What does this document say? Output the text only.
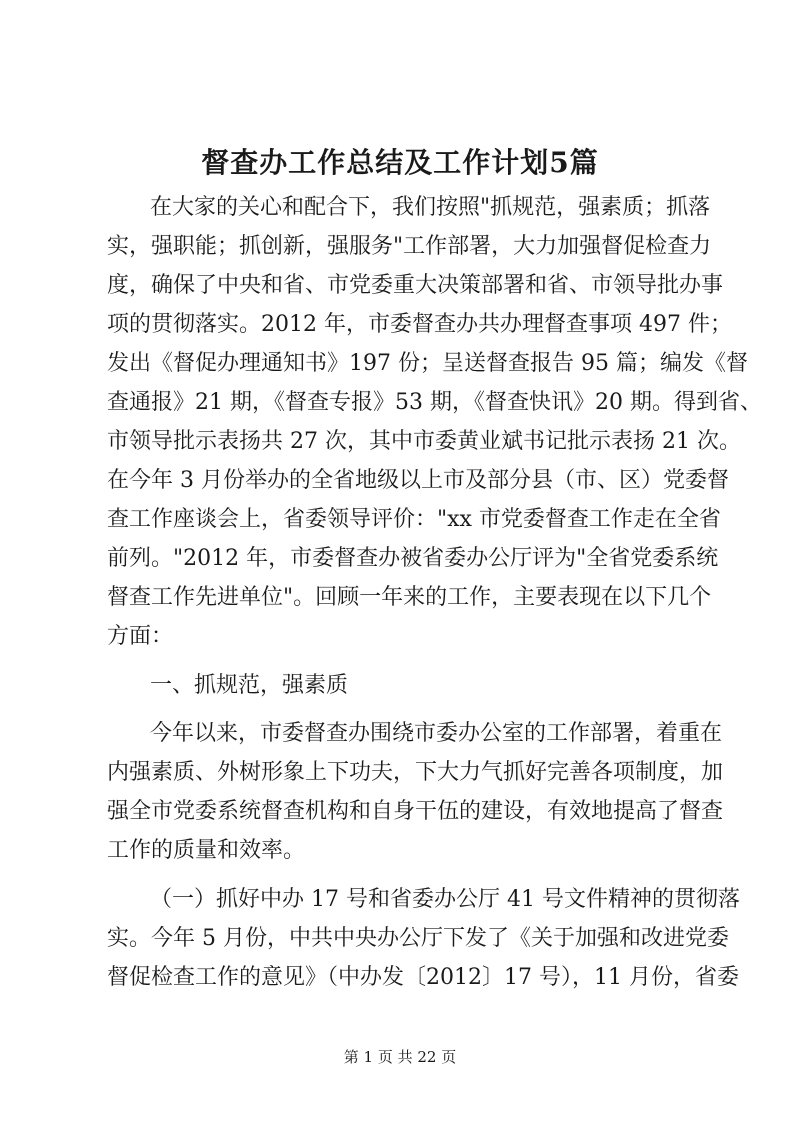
督查办工作总结及工作计划5篇
在大家的关心和配合下，我们按照"抓规范，强素质；抓落
实，强职能；抓创新，强服务"工作部署，大力加强督促检查力
度，确保了中央和省、市党委重大决策部署和省、市领导批办事
项的贯彻落实。2012 年，市委督查办共办理督查事项 497 件；
发出《督促办理通知书》197 份；呈送督查报告 95 篇；编发《督
查通报》21 期，《督查专报》53 期，《督查快讯》20 期。得到省、
市领导批示表扬共 27 次，其中市委黄业斌书记批示表扬 21 次。
在今年 3 月份举办的全省地级以上市及部分县（市、区）党委督
查工作座谈会上，省委领导评价："xx 市党委督查工作走在全省
前列。"2012 年，市委督查办被省委办公厅评为"全省党委系统
督查工作先进单位"。回顾一年来的工作，主要表现在以下几个
方面：
一、抓规范，强素质
今年以来，市委督查办围绕市委办公室的工作部署，着重在
内强素质、外树形象上下功夫，下大力气抓好完善各项制度，加
强全市党委系统督查机构和自身干伍的建设，有效地提高了督查
工作的质量和效率。
（一）抓好中办 17 号和省委办公厅 41 号文件精神的贯彻落
实。今年 5 月份，中共中央办公厅下发了《关于加强和改进党委
督促检查工作的意见》（中办发〔2012〕17 号），11 月份，省委
第 1 页 共 22 页
